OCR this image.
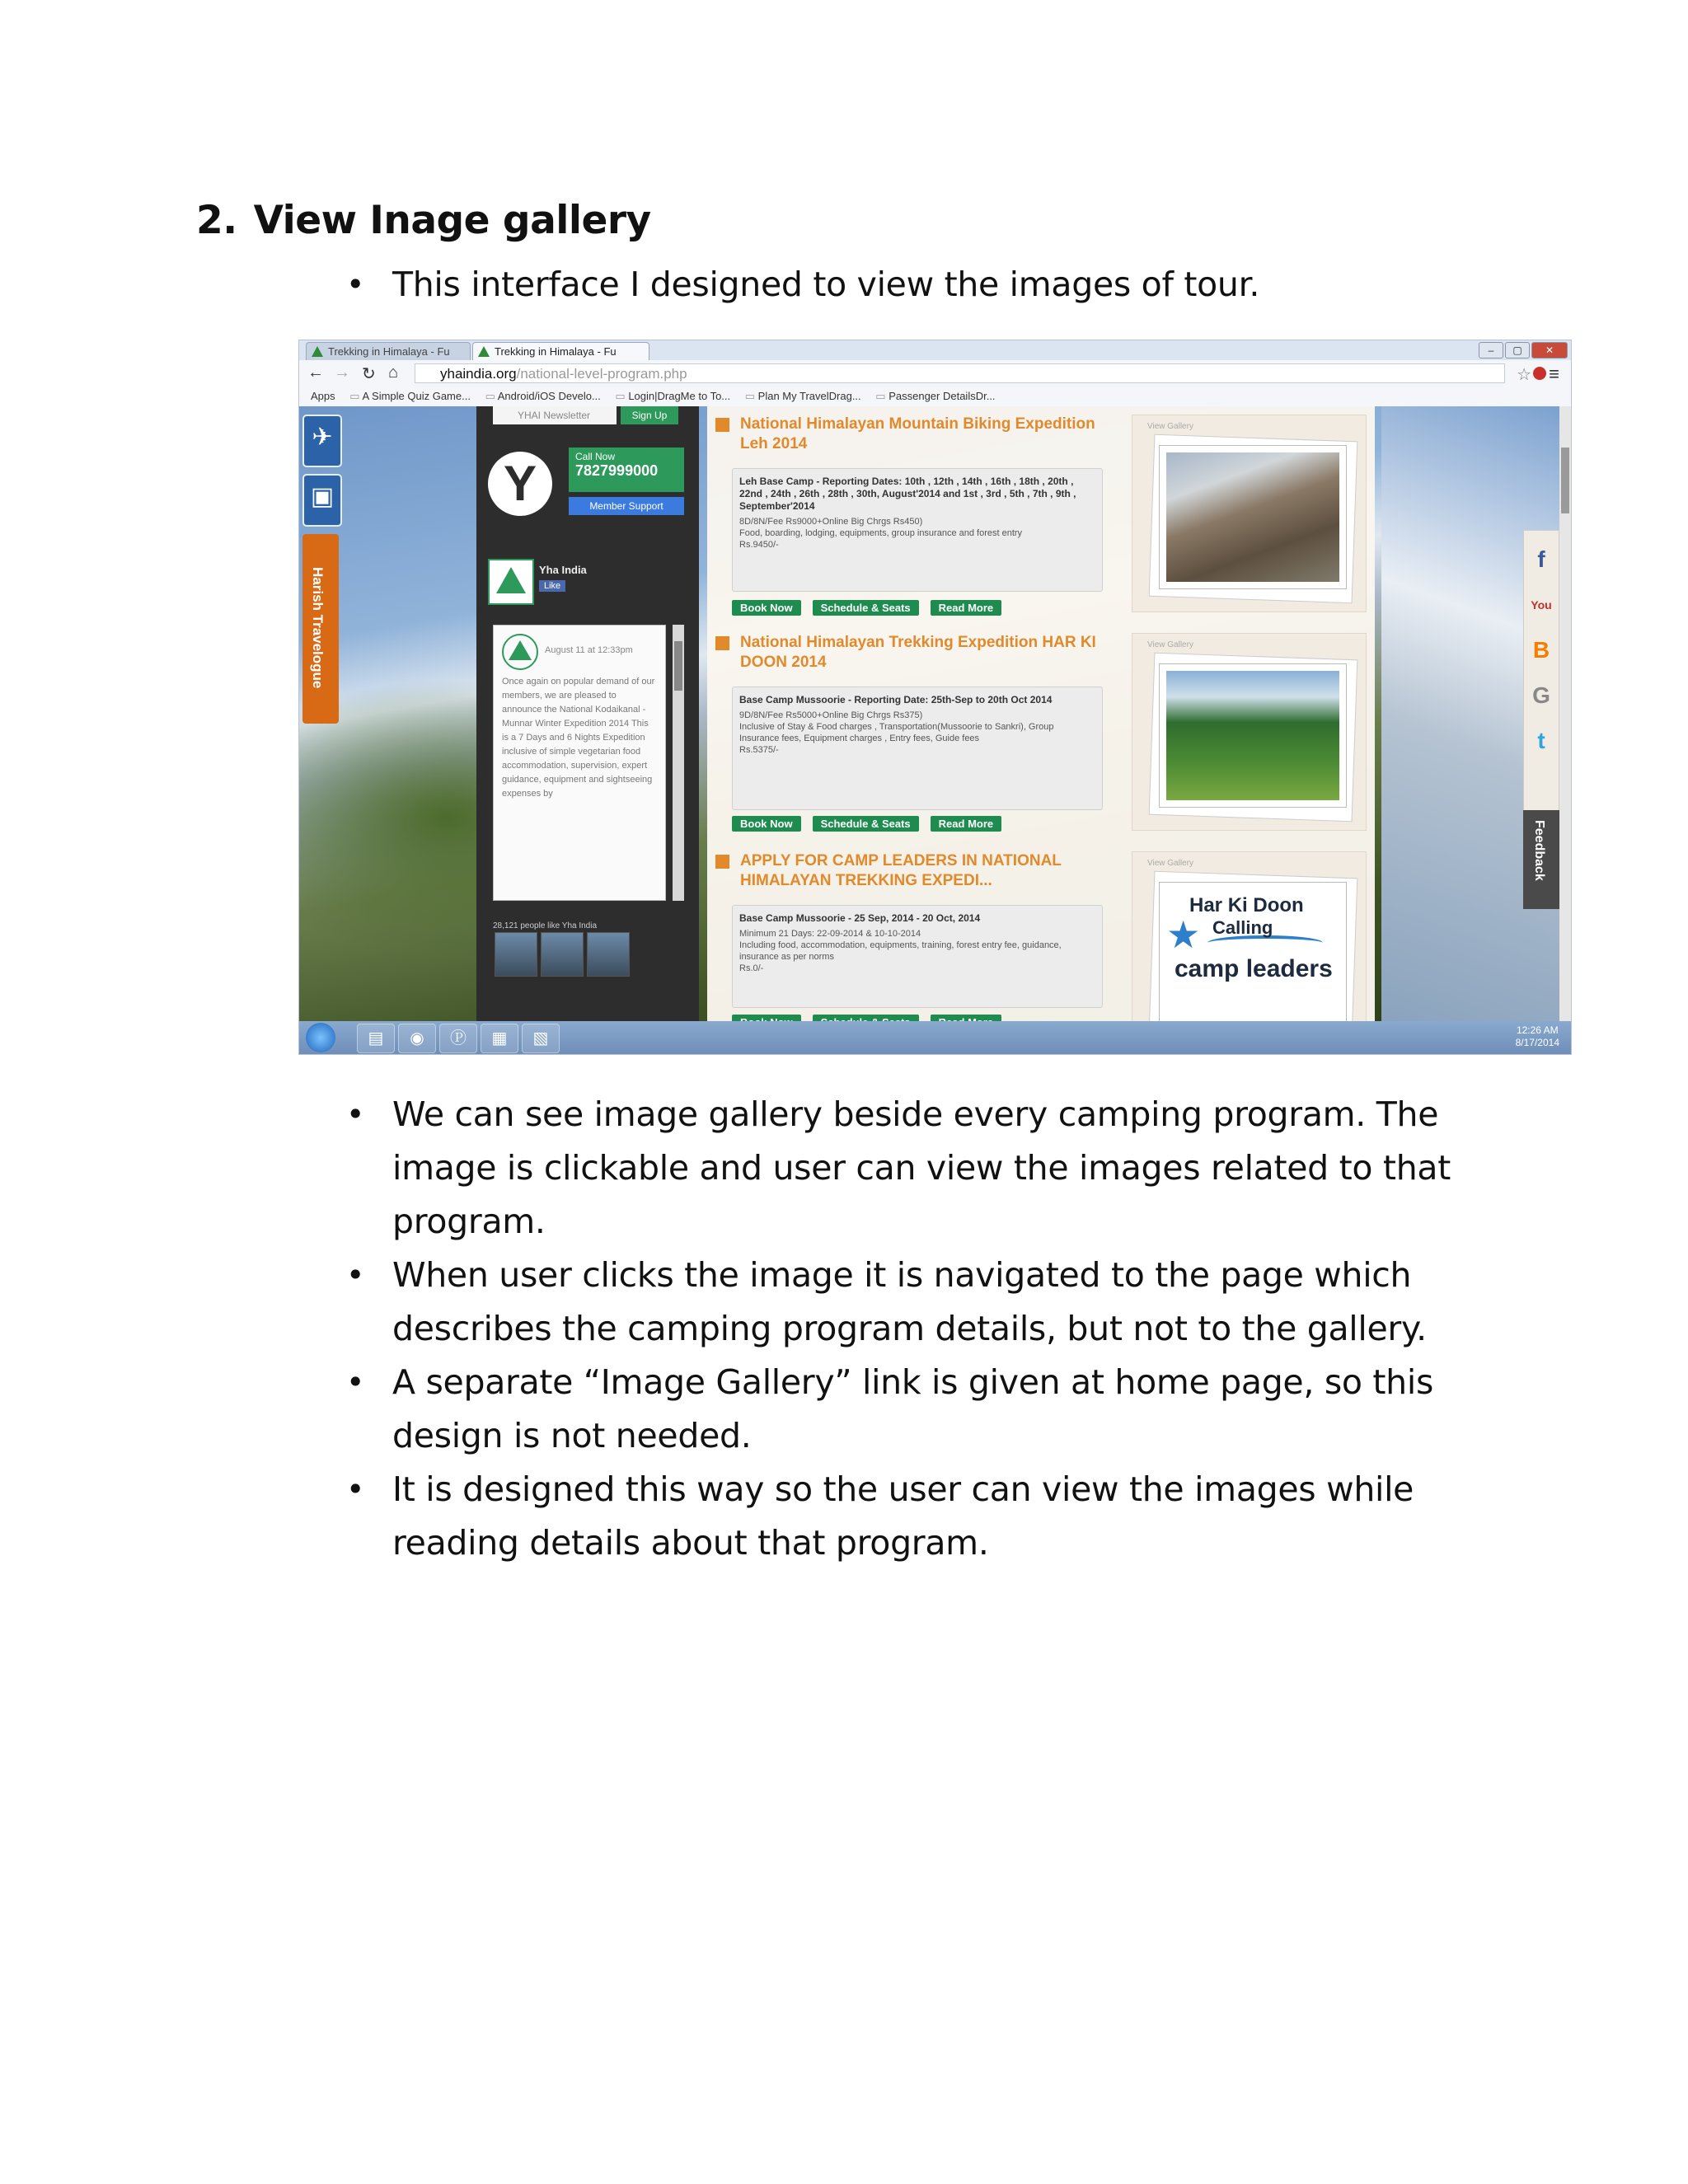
2. View Inage gallery
• This interface I designed to view the images of tour.
Trekking in Himalaya - Fu	Trekking in Himalaya - Fu	–	▢	✕
← → ↻ ⌂	yhaindia.org/national-level-program.php	☆ ≡
Apps	▭ A Simple Quiz Game...	▭ Android/iOS Develo...	▭ Login|DragMe to To...	▭ Plan My TravelDrag...	▭ Passenger DetailsDr...
✈
▣
Harish Travelogue
YHAI Newsletter	Sign Up
Y	Call Now
7827999000
Member Support
Yha India
Like
August 11 at 12:33pm
Once again on popular demand of our members, we are pleased to announce the National Kodaikanal - Munnar Winter Expedition 2014 This is a 7 Days and 6 Nights Expedition inclusive of simple vegetarian food accommodation, supervision, expert guidance, equipment and sightseeing expenses by
28,121 people like Yha India
National Himalayan Mountain Biking Expedition Leh 2014
Leh Base Camp - Reporting Dates: 10th , 12th , 14th , 16th , 18th , 20th , 22nd , 24th , 26th , 28th , 30th, August'2014 and 1st , 3rd , 5th , 7th , 9th , September'2014
8D/8N/Fee Rs9000+Online Big Chrgs Rs450)
Food, boarding, lodging, equipments, group insurance and forest entry
Rs.9450/-
Book Now	Schedule & Seats	Read More
View Gallery
National Himalayan Trekking Expedition HAR KI DOON 2014
Base Camp Mussoorie - Reporting Date: 25th-Sep to 20th Oct 2014
9D/8N/Fee Rs5000+Online Big Chrgs Rs375)
Inclusive of Stay & Food charges , Transportation(Mussoorie to Sankri), Group Insurance fees, Equipment charges , Entry fees, Guide fees
Rs.5375/-
Book Now	Schedule & Seats	Read More
View Gallery
APPLY FOR CAMP LEADERS IN NATIONAL HIMALAYAN TREKKING EXPEDI...
Base Camp Mussoorie - 25 Sep, 2014 - 20 Oct, 2014
Minimum 21 Days: 22-09-2014 & 10-10-2014
Including food, accommodation, equipments, training, forest entry fee, guidance, insurance as per norms
Rs.0/-
View Gallery
★
Har Ki Doon
Calling
camp leaders
f
You
B
G
t
Feedback
▤	◉	Ⓟ	▦	▧	12:26 AM
8/17/2014
• We can see image gallery beside every camping program. The image is clickable and user can view the images related to that program.
• When user clicks the image it is navigated to the page which describes the camping program details, but not to the gallery.
• A separate “Image Gallery” link is given at home page, so this design is not needed.
• It is designed this way so the user can view the images while reading details about that program.
